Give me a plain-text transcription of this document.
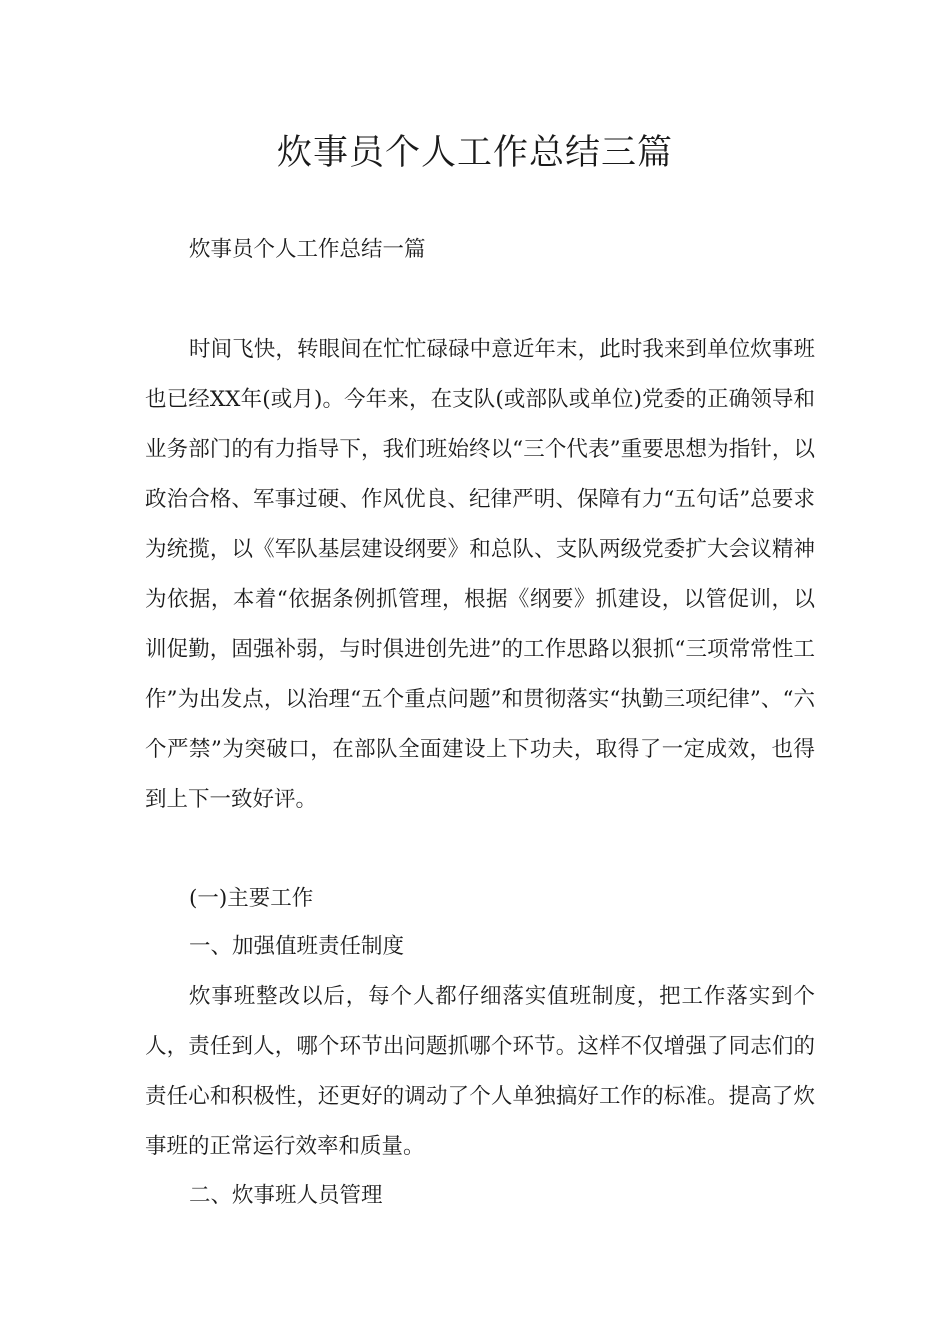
炊事员个人工作总结三篇

炊事员个人工作总结一篇

时间飞快，转眼间在忙忙碌碌中意近年末，此时我来到单位炊事班也已经XX年(或月)。今年来，在支队(或部队或单位)党委的正确领导和业务部门的有力指导下，我们班始终以“三个代表”重要思想为指针，以政治合格、军事过硬、作风优良、纪律严明、保障有力“五句话”总要求为统揽，以《军队基层建设纲要》和总队、支队两级党委扩大会议精神为依据，本着“依据条例抓管理，根据《纲要》抓建设，以管促训，以训促勤，固强补弱，与时俱进创先进”的工作思路以狠抓“三项常常性工作”为出发点，以治理“五个重点问题”和贯彻落实“执勤三项纪律”、“六个严禁”为突破口，在部队全面建设上下功夫，取得了一定成效，也得到上下一致好评。

(一)主要工作

一、加强值班责任制度

炊事班整改以后，每个人都仔细落实值班制度，把工作落实到个人，责任到人，哪个环节出问题抓哪个环节。这样不仅增强了同志们的责任心和积极性，还更好的调动了个人单独搞好工作的标准。提高了炊事班的正常运行效率和质量。

二、炊事班人员管理
